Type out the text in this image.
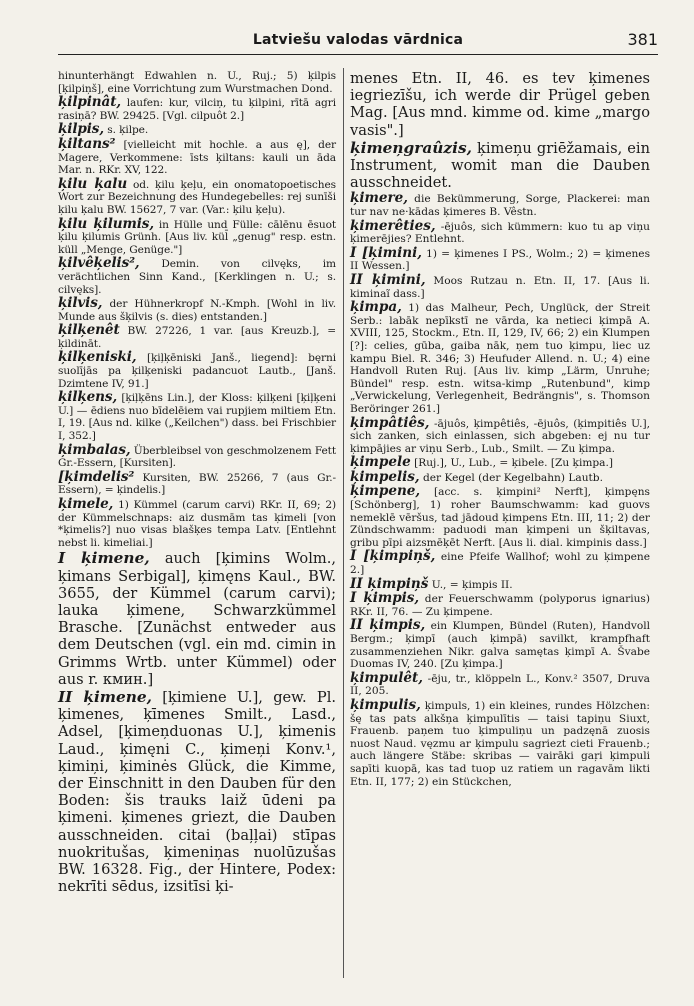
Latviešu valodas vārdnica	381

hinunterhängt Edwahlen n. U., Ruj.; 5) ķilpis [ķilpiņš], eine Vorrichtung zum Wurstmachen Dond.

ķilpinât, laufen: kur, vilciņ, tu ķilpini, rītā agri rasiņā? BW. 29425. [Vgl. cilpuôt 2.]

ķilpis, s. ķilpe.

ķiltans² [vielleicht mit hochle. a aus ę], der Magere, Verkommene: īsts ķiltans: kauli un āda Mar. n. RKr. XV, 122.

ķilu ķalu od. ķilu ķeļu, ein onomatopoetisches Wort zur Bezeichnung des Hundegebelles: rej sunīši ķilu ķalu BW. 15627, 7 var. (Var.: ķilu ķeļu).

ķilu ķilumis, in Hülle und Fülle: cālēnu ēsuot ķilu ķilumis Grünh. [Aus liv. kül̄ „genug" resp. estn. küll „Menge, Genüge."]

ķilvêķelis², Demin. von cilvęks, im verächtlichen Sinn Kand., [Kerklingen n. U.; s. cilvęks].

ķilvis, der Hühnerkropf N.-Kmph. [Wohl in liv. Munde aus šķilvis (s. dies) entstanden.]

ķilķenêt BW. 27226, 1 var. [aus Kreuzb.], = ķildināt.

ķilķeniski, [ķiļķēniski Janš., liegend]: bęrni suolījās pa ķilķeniski padancuot Lautb., [Janš. Dzimtene IV, 91.]

ķilķens, [ķiļķēns Lin.], der Kloss: ķilķeni [ķiļķeni U.] — ēdiens nuo bīdelēiem vai rupjiem miltiem Etn. I, 19. [Aus nd. kilke („Keilchen") dass. bei Frischbier I, 352.]

ķimbalas, Überbleibsel von geschmolzenem Fett Gr.-Essern, [Kursiten].

[ķimdelis² Kursiten, BW. 25266, 7 (aus Gr.-Essern), = ķindelis.]

ķimele, 1) Kümmel (carum carvi) RKr. II, 69; 2) der Kümmelschnaps: aiz dusmām tas ķimeli [von *ķimelis?] nuo visas blašķes tempa Latv. [Entlehnt nebst li. kimeliai.]

I ķimene, auch [ķimins Wolm., ķimans Serbigal], ķimęns Kaul., BW. 3655, der Kümmel (carum carvi); lauka ķimene, Schwarzkümmel Brasche. [Zunächst entweder aus dem Deutschen (vgl. ein md. cimin in Grimms Wrtb. unter Kümmel) oder aus r. кмин.]

II ķimene, [ķimiene U.], gew. Pl. ķimenes, ķīmenes Smilt., Lasd., Adsel, [ķimeņduonas U.], ķimenis Laud., ķimęni C., ķimeņi Konv.¹, ķimiņi, ķiminės Glück, die Kimme, der Einschnitt in den Dauben für den Boden: šis trauks laiž ūdeni pa ķimeni. ķimenes griezt, die Dauben ausschneiden. citai (baļļai) stīpas nuokritušas, ķimeniņas nuolūzušas BW. 16328. Fig., der Hintere, Podex: nekrīti sēdus, izsitīsi ķi-

menes Etn. II, 46. es tev ķimenes iegriezīšu, ich werde dir Prügel geben Mag. [Aus mnd. kimme od. kime „margo vasis".]

ķimeņgraûzis, ķimeņu griēžamais, ein Instrument, womit man die Dauben ausschneidet.

ķimere, die Bekümmerung, Sorge, Plackerei: man tur nav ne·kādas ķimeres B. Vêstn.

ķimerêties, -ējuôs, sich kümmern: kuo tu ap viņu ķimerējies? Entlehnt.

I [ķimini, 1) = ķimenes I PS., Wolm.; 2) = ķimenes II Wessen.]

II ķimini, Moos Rutzau n. Etn. II, 17. [Aus li. kiminaĩ dass.]

ķimpa, 1) das Malheur, Pech, Unglück, der Streit Serb.: labāk nepīkstī ne vārda, ka netieci ķimpā A. XVIII, 125, Stockm., Etn. II, 129, IV, 66; 2) ein Klumpen [?]: celies, gūba, gaiba nāk, ņem tuo ķimpu, liec uz kampu Biel. R. 346; 3) Heufuder Allend. n. U.; 4) eine Handvoll Ruten Ruj. [Aus liv. kimp „Lärm, Unruhe; Bündel" resp. estn. witsa-kimp „Rutenbund", kimp „Verwickelung, Verlegenheit, Bedrängnis", s. Thomson Beröringer 261.]

ķimpâtiês, -ājuôs, ķimpêtiês, -ējuôs, (ķimpitiês U.], sich zanken, sich einlassen, sich abgeben: ej nu tur ķimpājies ar viņu Serb., Lub., Smilt. — Zu ķimpa.

ķimpele [Ruj.], U., Lub., = ķibele. [Zu ķimpa.]

ķimpelis, der Kegel (der Kegelbahn) Lautb.

ķimpene, [acc. s. ķimpini² Nerft], ķimpęns [Schönberg], 1) roher Baumschwamm: kad guovs nemeklē vēršus, tad jādoud ķimpens Etn. III, 11; 2) der Zündschwamm: paduodi man ķimpeni un šķiltavas, gribu pīpi aizsmēķēt Nerft. [Aus li. dial. kimpinis dass.]

I [ķimpiņš, eine Pfeife Wallhof; wohl zu ķimpene 2.]

II ķimpiņš U., = ķimpis II.

I ķimpis, der Feuerschwamm (polyporus ignarius) RKr. II, 76. — Zu ķimpene.

II ķimpis, ein Klumpen, Bündel (Ruten), Handvoll Bergm.; ķimpī (auch ķimpā) savilkt, krampfhaft zusammenziehen Nikr. galva samętas ķimpī A. Švabe Duomas IV, 240. [Zu ķimpa.]

ķimpulêt, -ēju, tr., klöppeln L., Konv.² 3507, Druva II, 205.

ķimpulis, ķimpuls, 1) ein kleines, rundes Hölzchen: šę tas pats alkšņa ķimpulītis — taisi tapiņu Siuxt, Frauenb. paņem tuo ķimpuliņu un padzęnā zuosis nuost Naud. vęzmu ar ķimpulu sagriezt cieti Frauenb.; auch längere Stäbe: skribas — vairāki gaŗi ķimpuli sapīti kuopā, kas tad tuop uz ratiem un ragavām likti Etn. II, 177; 2) ein Stückchen,
